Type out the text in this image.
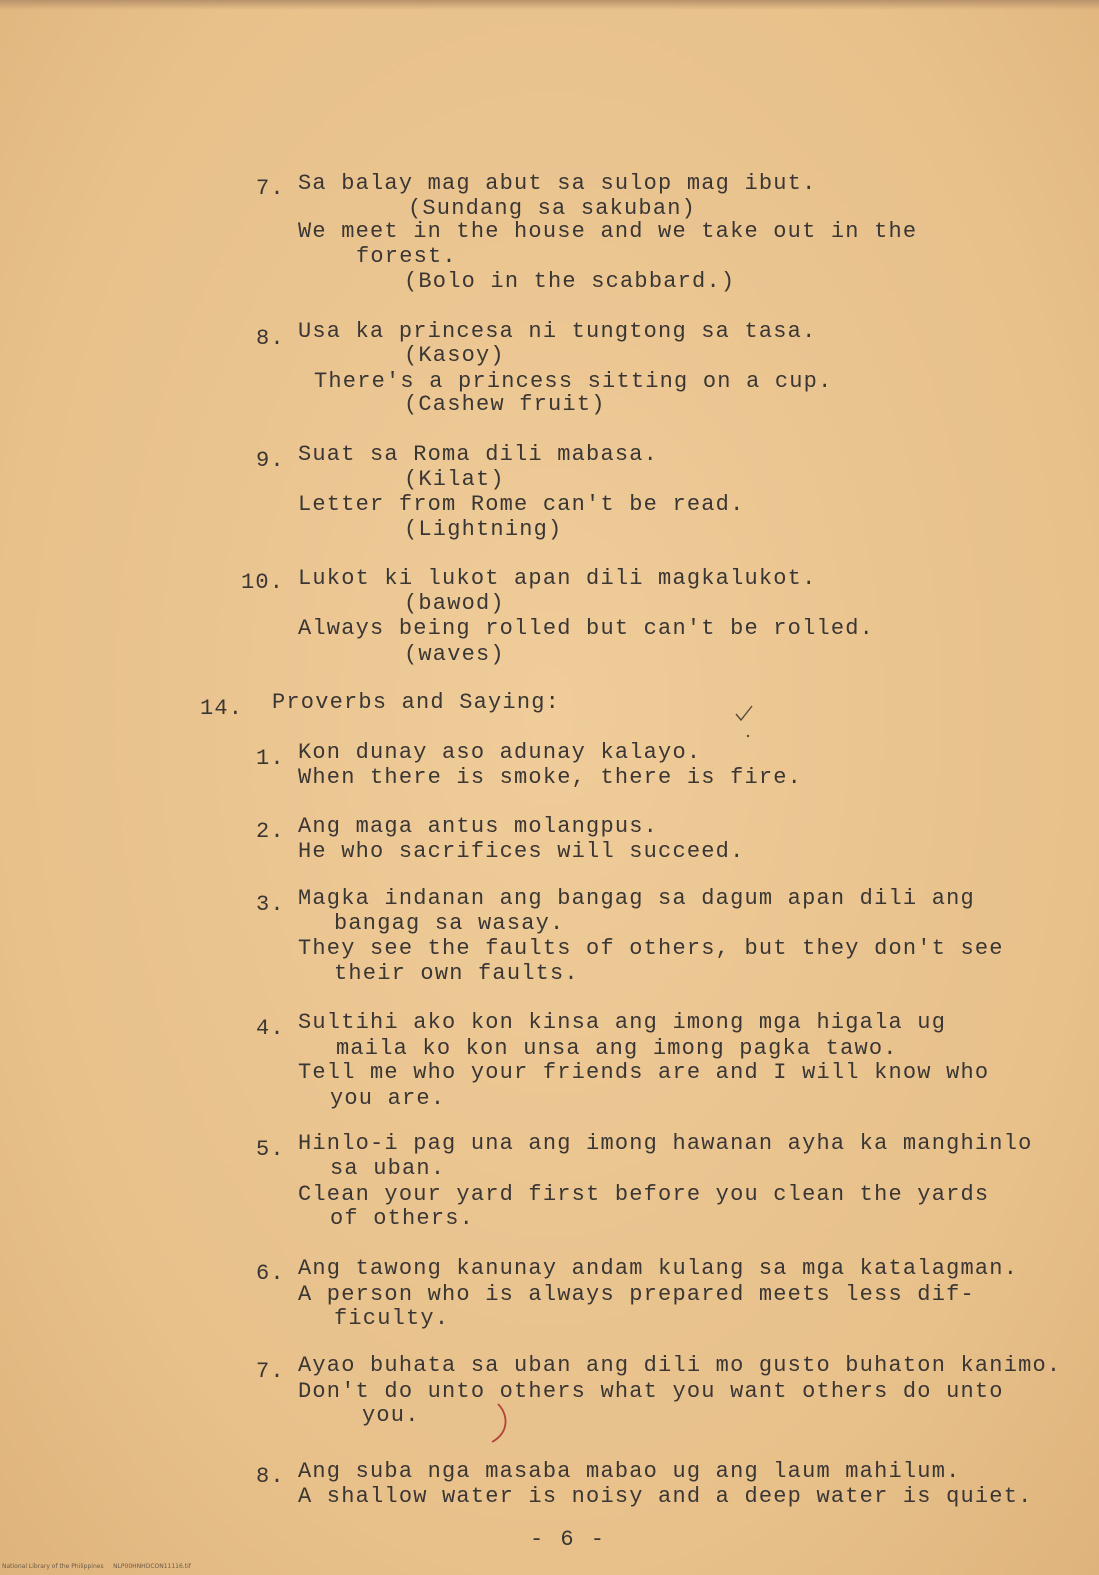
7. Sa balay mag abut sa sulop mag ibut.
(Sundang sa sakuban)
We meet in the house and we take out in the
forest.
(Bolo in the scabbard.)
8. Usa ka princesa ni tungtong sa tasa.
(Kasoy)
There's a princess sitting on a cup.
(Cashew fruit)
9. Suat sa Roma dili mabasa.
(Kilat)
Letter from Rome can't be read.
(Lightning)
10. Lukot ki lukot apan dili magkalukot.
(bawod)
Always being rolled but can't be rolled.
(waves)
14. Proverbs and Saying:
1. Kon dunay aso adunay kalayo.
When there is smoke, there is fire.
2. Ang maga antus molangpus.
He who sacrifices will succeed.
3. Magka indanan ang bangag sa dagum apan dili ang
bangag sa wasay.
They see the faults of others, but they don't see
their own faults.
4. Sultihi ako kon kinsa ang imong mga higala ug
maila ko kon unsa ang imong pagka tawo.
Tell me who your friends are and I will know who
you are.
5. Hinlo-i pag una ang imong hawanan ayha ka manghinlo
sa uban.
Clean your yard first before you clean the yards
of others.
6. Ang tawong kanunay andam kulang sa mga katalagman.
A person who is always prepared meets less dif-
ficulty.
7. Ayao buhata sa uban ang dili mo gusto buhaton kanimo.
Don't do unto others what you want others do unto
you.
8. Ang suba nga masaba mabao ug ang laum mahilum.
A shallow water is noisy and a deep water is quiet.
- 6 -
National Library of the Philippines     NLP00HNHDCON11116.tif
